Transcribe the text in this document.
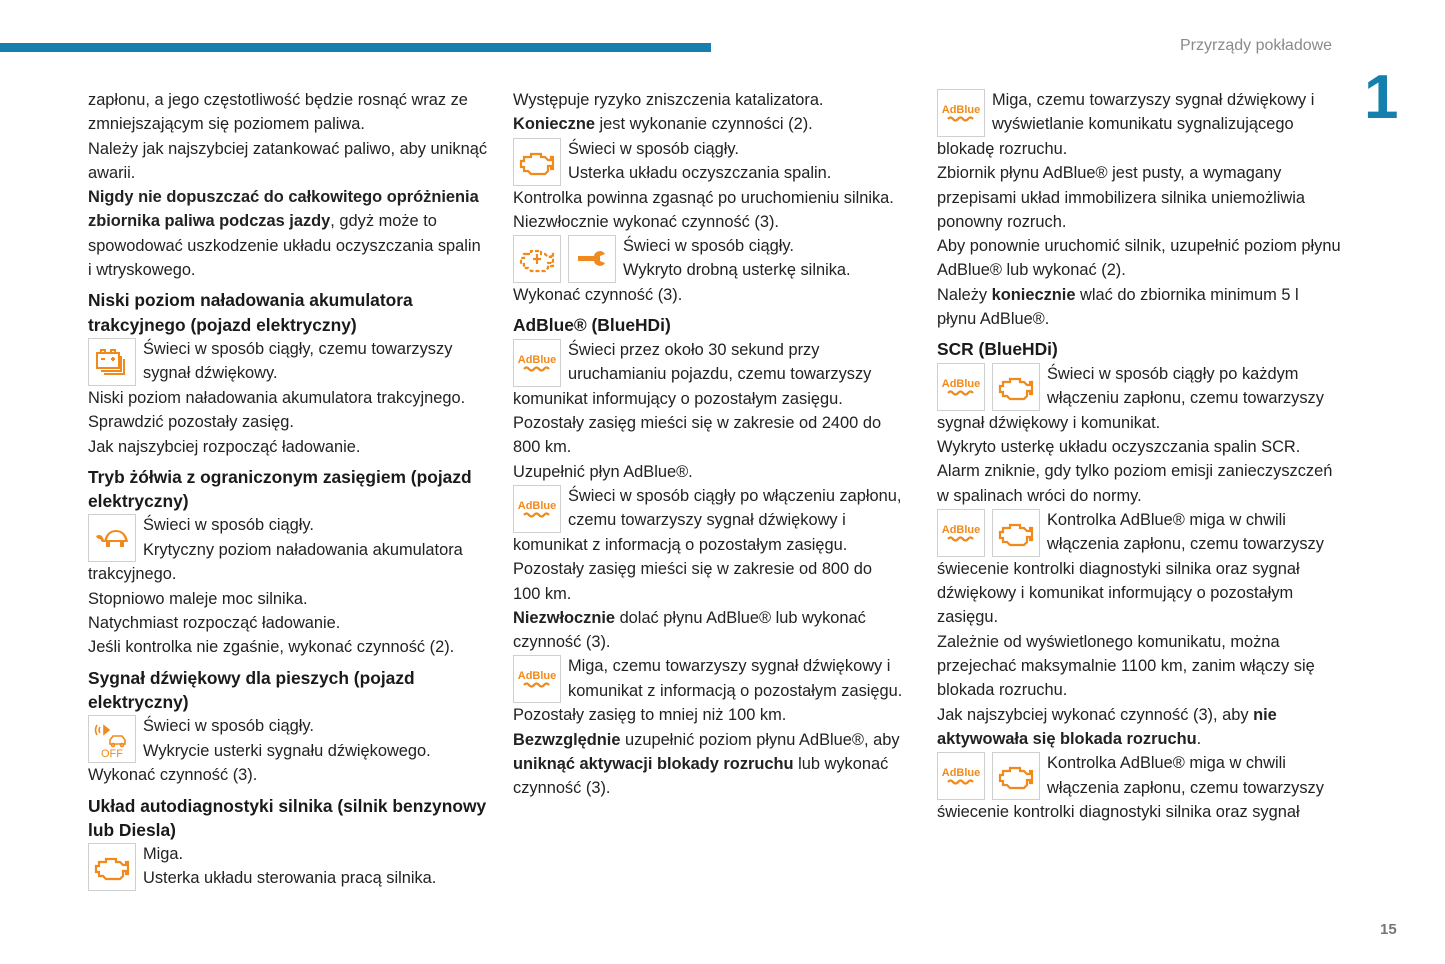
Przyrządy pokładowe
1
zapłonu, a jego częstotliwość będzie rosnąć wraz ze
zmniejszającym się poziomem paliwa.
Należy jak najszybciej zatankować paliwo, aby uniknąć
awarii.
Nigdy nie dopuszczać do całkowitego opróżnienia
zbiornika paliwa podczas jazdy, gdyż może to
spowodować uszkodzenie układu oczyszczania spalin
i wtryskowego.
Niski poziom naładowania akumulatora
trakcyjnego (pojazd elektryczny)
Świeci w sposób ciągły, czemu towarzyszy
sygnał dźwiękowy.
Niski poziom naładowania akumulatora trakcyjnego.
Sprawdzić pozostały zasięg.
Jak najszybciej rozpocząć ładowanie.
Tryb żółwia z ograniczonym zasięgiem (pojazd
elektryczny)
Świeci w sposób ciągły.
Krytyczny poziom naładowania akumulatora
trakcyjnego.
Stopniowo maleje moc silnika.
Natychmiast rozpocząć ładowanie.
Jeśli kontrolka nie zgaśnie, wykonać czynność (2).
Sygnał dźwiękowy dla pieszych (pojazd
elektryczny)
OFF
Świeci w sposób ciągły.
Wykrycie usterki sygnału dźwiękowego.
Wykonać czynność (3).
Układ autodiagnostyki silnika (silnik benzynowy
lub Diesla)
Miga.
Usterka układu sterowania pracą silnika.
Występuje ryzyko zniszczenia katalizatora.
Konieczne jest wykonanie czynności (2).
Świeci w sposób ciągły.
Usterka układu oczyszczania spalin.
Kontrolka powinna zgasnąć po uruchomieniu silnika.
Niezwłocznie wykonać czynność (3).
Świeci w sposób ciągły.
Wykryto drobną usterkę silnika.
Wykonać czynność (3).
AdBlue® (BlueHDi)
AdBlue
Świeci przez około 30 sekund przy
uruchamianiu pojazdu, czemu towarzyszy
komunikat informujący o pozostałym zasięgu.
Pozostały zasięg mieści się w zakresie od 2400 do
800 km.
Uzupełnić płyn AdBlue®.
AdBlue
Świeci w sposób ciągły po włączeniu zapłonu,
czemu towarzyszy sygnał dźwiękowy i
komunikat z informacją o pozostałym zasięgu.
Pozostały zasięg mieści się w zakresie od 800 do
100 km.
Niezwłocznie dolać płynu AdBlue® lub wykonać
czynność (3).
AdBlue
Miga, czemu towarzyszy sygnał dźwiękowy i
komunikat z informacją o pozostałym zasięgu.
Pozostały zasięg to mniej niż 100 km.
Bezwzględnie uzupełnić poziom płynu AdBlue®, aby
uniknąć aktywacji blokady rozruchu lub wykonać
czynność (3).
AdBlue
Miga, czemu towarzyszy sygnał dźwiękowy i
wyświetlanie komunikatu sygnalizującego
blokadę rozruchu.
Zbiornik płynu AdBlue® jest pusty, a wymagany
przepisami układ immobilizera silnika uniemożliwia
ponowny rozruch.
Aby ponownie uruchomić silnik, uzupełnić poziom płynu
AdBlue® lub wykonać (2).
Należy koniecznie wlać do zbiornika minimum 5 l
płynu AdBlue®.
SCR (BlueHDi)
AdBlue
Świeci w sposób ciągły po każdym
włączeniu zapłonu, czemu towarzyszy
sygnał dźwiękowy i komunikat.
Wykryto usterkę układu oczyszczania spalin SCR.
Alarm zniknie, gdy tylko poziom emisji zanieczyszczeń
w spalinach wróci do normy.
AdBlue
Kontrolka AdBlue® miga w chwili
włączenia zapłonu, czemu towarzyszy
świecenie kontrolki diagnostyki silnika oraz sygnał
dźwiękowy i komunikat informujący o pozostałym
zasięgu.
Zależnie od wyświetlonego komunikatu, można
przejechać maksymalnie 1100 km, zanim włączy się
blokada rozruchu.
Jak najszybciej wykonać czynność (3), aby nie
aktywowała się blokada rozruchu.
AdBlue
Kontrolka AdBlue® miga w chwili
włączenia zapłonu, czemu towarzyszy
świecenie kontrolki diagnostyki silnika oraz sygnał
15
